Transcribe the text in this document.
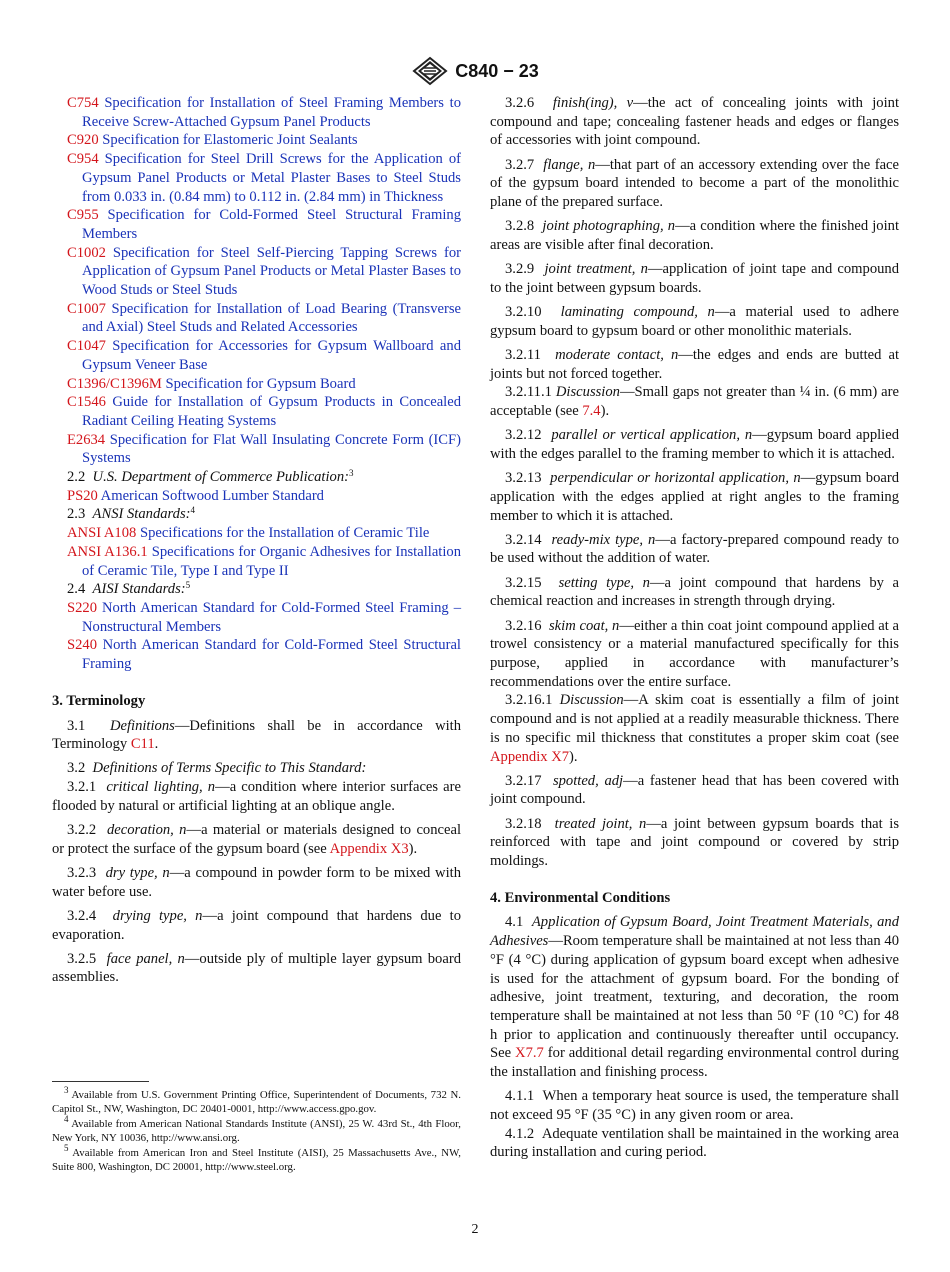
C840 − 23

C754 Specification for Installation of Steel Framing Members to Receive Screw-Attached Gypsum Panel Products

C920 Specification for Elastomeric Joint Sealants

C954 Specification for Steel Drill Screws for the Application of Gypsum Panel Products or Metal Plaster Bases to Steel Studs from 0.033 in. (0.84 mm) to 0.112 in. (2.84 mm) in Thickness

C955 Specification for Cold-Formed Steel Structural Framing Members

C1002 Specification for Steel Self-Piercing Tapping Screws for Application of Gypsum Panel Products or Metal Plaster Bases to Wood Studs or Steel Studs

C1007 Specification for Installation of Load Bearing (Transverse and Axial) Steel Studs and Related Accessories

C1047 Specification for Accessories for Gypsum Wallboard and Gypsum Veneer Base

C1396/C1396M Specification for Gypsum Board

C1546 Guide for Installation of Gypsum Products in Concealed Radiant Ceiling Heating Systems

E2634 Specification for Flat Wall Insulating Concrete Form (ICF) Systems

2.2 U.S. Department of Commerce Publication:$^3$

PS20 American Softwood Lumber Standard

2.3 ANSI Standards:$^4$

ANSI A108 Specifications for the Installation of Ceramic Tile

ANSI A136.1 Specifications for Organic Adhesives for Installation of Ceramic Tile, Type I and Type II

2.4 AISI Standards:$^5$

S220 North American Standard for Cold-Formed Steel Framing – Nonstructural Members

S240 North American Standard for Cold-Formed Steel Structural Framing

3. Terminology

3.1 Definitions—Definitions shall be in accordance with Terminology C11.

3.2 Definitions of Terms Specific to This Standard:

3.2.1 critical lighting, n—a condition where interior surfaces are flooded by natural or artificial lighting at an oblique angle.

3.2.2 decoration, n—a material or materials designed to conceal or protect the surface of the gypsum board (see Appendix X3).

3.2.3 dry type, n—a compound in powder form to be mixed with water before use.

3.2.4 drying type, n—a joint compound that hardens due to evaporation.

3.2.5 face panel, n—outside ply of multiple layer gypsum board assemblies.

$^3$ Available from U.S. Government Printing Office, Superintendent of Documents, 732 N. Capitol St., NW, Washington, DC 20401-0001, http://www.access.gpo.gov.

$^4$ Available from American National Standards Institute (ANSI), 25 W. 43rd St., 4th Floor, New York, NY 10036, http://www.ansi.org.

$^5$ Available from American Iron and Steel Institute (AISI), 25 Massachusetts Ave., NW, Suite 800, Washington, DC 20001, http://www.steel.org.

3.2.6 finish(ing), v—the act of concealing joints with joint compound and tape; concealing fastener heads and edges or flanges of accessories with joint compound.

3.2.7 flange, n—that part of an accessory extending over the face of the gypsum board intended to become a part of the monolithic plane of the prepared surface.

3.2.8 joint photographing, n—a condition where the finished joint areas are visible after final decoration.

3.2.9 joint treatment, n—application of joint tape and compound to the joint between gypsum boards.

3.2.10 laminating compound, n—a material used to adhere gypsum board to gypsum board or other monolithic materials.

3.2.11 moderate contact, n—the edges and ends are butted at joints but not forced together.

3.2.11.1 Discussion—Small gaps not greater than ¼ in. (6 mm) are acceptable (see 7.4).

3.2.12 parallel or vertical application, n—gypsum board applied with the edges parallel to the framing member to which it is attached.

3.2.13 perpendicular or horizontal application, n—gypsum board application with the edges applied at right angles to the framing member to which it is attached.

3.2.14 ready-mix type, n—a factory-prepared compound ready to be used without the addition of water.

3.2.15 setting type, n—a joint compound that hardens by a chemical reaction and increases in strength through drying.

3.2.16 skim coat, n—either a thin coat joint compound applied at a trowel consistency or a material manufactured specifically for this purpose, applied in accordance with manufacturer’s recommendations over the entire surface.

3.2.16.1 Discussion—A skim coat is essentially a film of joint compound and is not applied at a readily measurable thickness. There is no specific mil thickness that constitutes a proper skim coat (see Appendix X7).

3.2.17 spotted, adj—a fastener head that has been covered with joint compound.

3.2.18 treated joint, n—a joint between gypsum boards that is reinforced with tape and joint compound or covered by strip moldings.

4. Environmental Conditions

4.1 Application of Gypsum Board, Joint Treatment Materials, and Adhesives—Room temperature shall be maintained at not less than 40 °F (4 °C) during application of gypsum board except when adhesive is used for the attachment of gypsum board. For the bonding of adhesive, joint treatment, texturing, and decoration, the room temperature shall be maintained at not less than 50 °F (10 °C) for 48 h prior to application and continuously thereafter until occupancy. See X7.7 for additional detail regarding environmental control during the installation and finishing process.

4.1.1 When a temporary heat source is used, the temperature shall not exceed 95 °F (35 °C) in any given room or area.

4.1.2 Adequate ventilation shall be maintained in the working area during installation and curing period.

2
